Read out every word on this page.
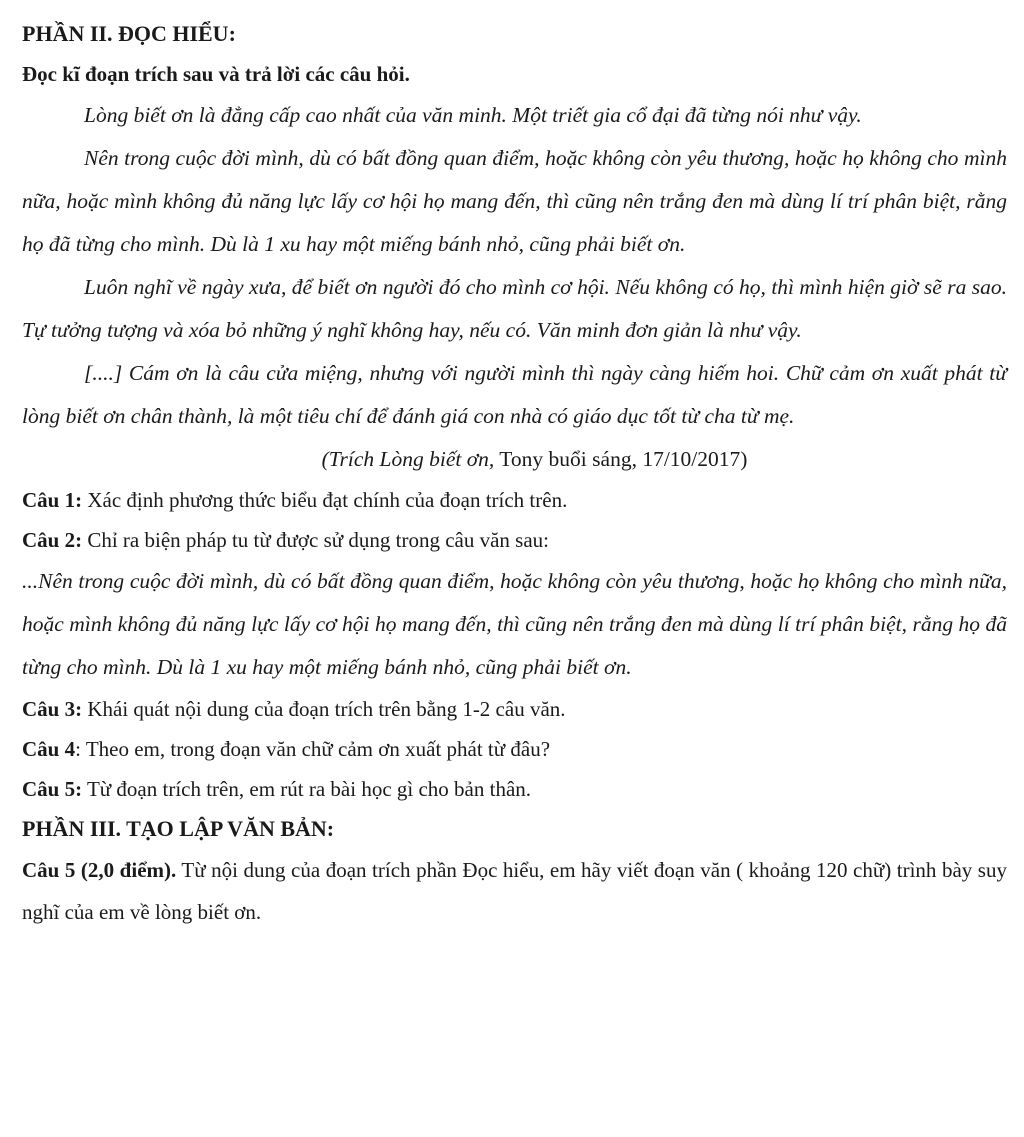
PHẦN II. ĐỌC HIỂU:

Đọc kĩ đoạn trích sau và trả lời các câu hỏi.

Lòng biết ơn là đẳng cấp cao nhất của văn minh. Một triết gia cổ đại đã từng nói như vậy.

Nên trong cuộc đời mình, dù có bất đồng quan điểm, hoặc không còn yêu thương, hoặc họ không cho mình nữa, hoặc mình không đủ năng lực lấy cơ hội họ mang đến, thì cũng nên trắng đen mà dùng lí trí phân biệt, rằng họ đã từng cho mình. Dù là 1 xu hay một miếng bánh nhỏ, cũng phải biết ơn.

Luôn nghĩ về ngày xưa, để biết ơn người đó cho mình cơ hội. Nếu không có họ, thì mình hiện giờ sẽ ra sao. Tự tưởng tượng và xóa bỏ những ý nghĩ không hay, nếu có. Văn minh đơn giản là như vậy.

[....] Cám ơn là câu cửa miệng, nhưng với người mình thì ngày càng hiếm hoi. Chữ cảm ơn xuất phát từ lòng biết ơn chân thành, là một tiêu chí để đánh giá con nhà có giáo dục tốt từ cha từ mẹ.

(Trích Lòng biết ơn, Tony buổi sáng, 17/10/2017)

Câu 1: Xác định phương thức biểu đạt chính của đoạn trích trên.

Câu 2: Chỉ ra biện pháp tu từ được sử dụng trong câu văn sau:

...Nên trong cuộc đời mình, dù có bất đồng quan điểm, hoặc không còn yêu thương, hoặc họ không cho mình nữa, hoặc mình không đủ năng lực lấy cơ hội họ mang đến, thì cũng nên trắng đen mà dùng lí trí phân biệt, rằng họ đã từng cho mình. Dù là 1 xu hay một miếng bánh nhỏ, cũng phải biết ơn.

Câu 3: Khái quát nội dung của đoạn trích trên bằng 1-2 câu văn.

Câu 4: Theo em, trong đoạn văn chữ cảm ơn xuất phát từ đâu?

Câu 5: Từ đoạn trích trên, em rút ra bài học gì cho bản thân.

PHẦN III. TẠO LẬP VĂN BẢN:

Câu 5 (2,0 điểm). Từ nội dung của đoạn trích phần Đọc hiểu, em hãy viết đoạn văn ( khoảng 120 chữ) trình bày suy nghĩ của em về lòng biết ơn.
